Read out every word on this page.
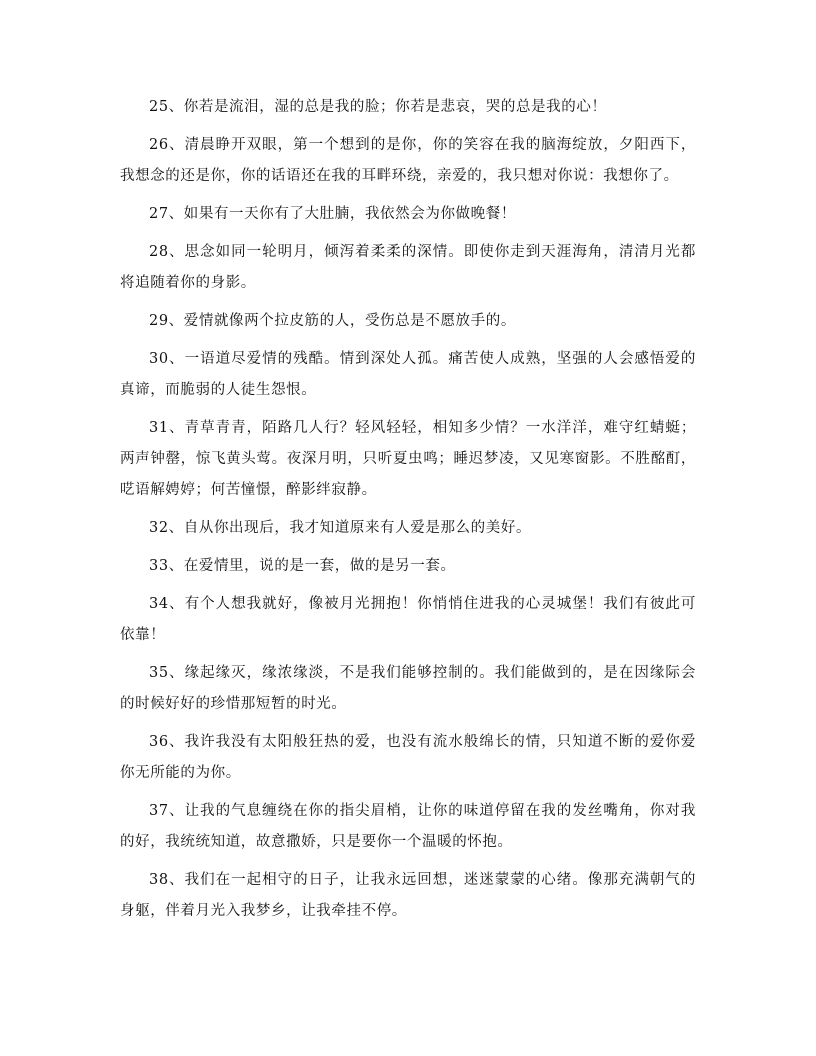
25、你若是流泪，湿的总是我的脸；你若是悲哀，哭的总是我的心！

26、清晨睁开双眼，第一个想到的是你，你的笑容在我的脑海绽放，夕阳西下，我想念的还是你，你的话语还在我的耳畔环绕，亲爱的，我只想对你说：我想你了。

27、如果有一天你有了大肚腩，我依然会为你做晚餐！

28、思念如同一轮明月，倾泻着柔柔的深情。即使你走到天涯海角，清清月光都将追随着你的身影。

29、爱情就像两个拉皮筋的人，受伤总是不愿放手的。

30、一语道尽爱情的残酷。情到深处人孤。痛苦使人成熟，坚强的人会感悟爱的真谛，而脆弱的人徒生怨恨。

31、青草青青，陌路几人行？轻风轻轻，相知多少情？一水洋洋，难守红蜻蜓；两声钟罄，惊飞黄头莺。夜深月明，只听夏虫鸣；睡迟梦凌，又见寒窗影。不胜酩酊，呓语解娉婷；何苦憧憬，醉影绊寂静。

32、自从你出现后，我才知道原来有人爱是那么的美好。

33、在爱情里，说的是一套，做的是另一套。

34、有个人想我就好，像被月光拥抱！你悄悄住进我的心灵城堡！我们有彼此可依靠！

35、缘起缘灭，缘浓缘淡，不是我们能够控制的。我们能做到的，是在因缘际会的时候好好的珍惜那短暂的时光。

36、我许我没有太阳般狂热的爱，也没有流水般绵长的情，只知道不断的爱你爱你无所能的为你。

37、让我的气息缠绕在你的指尖眉梢，让你的味道停留在我的发丝嘴角，你对我的好，我统统知道，故意撒娇，只是要你一个温暖的怀抱。

38、我们在一起相守的日子，让我永远回想，迷迷蒙蒙的心绪。像那充满朝气的身躯，伴着月光入我梦乡，让我牵挂不停。
